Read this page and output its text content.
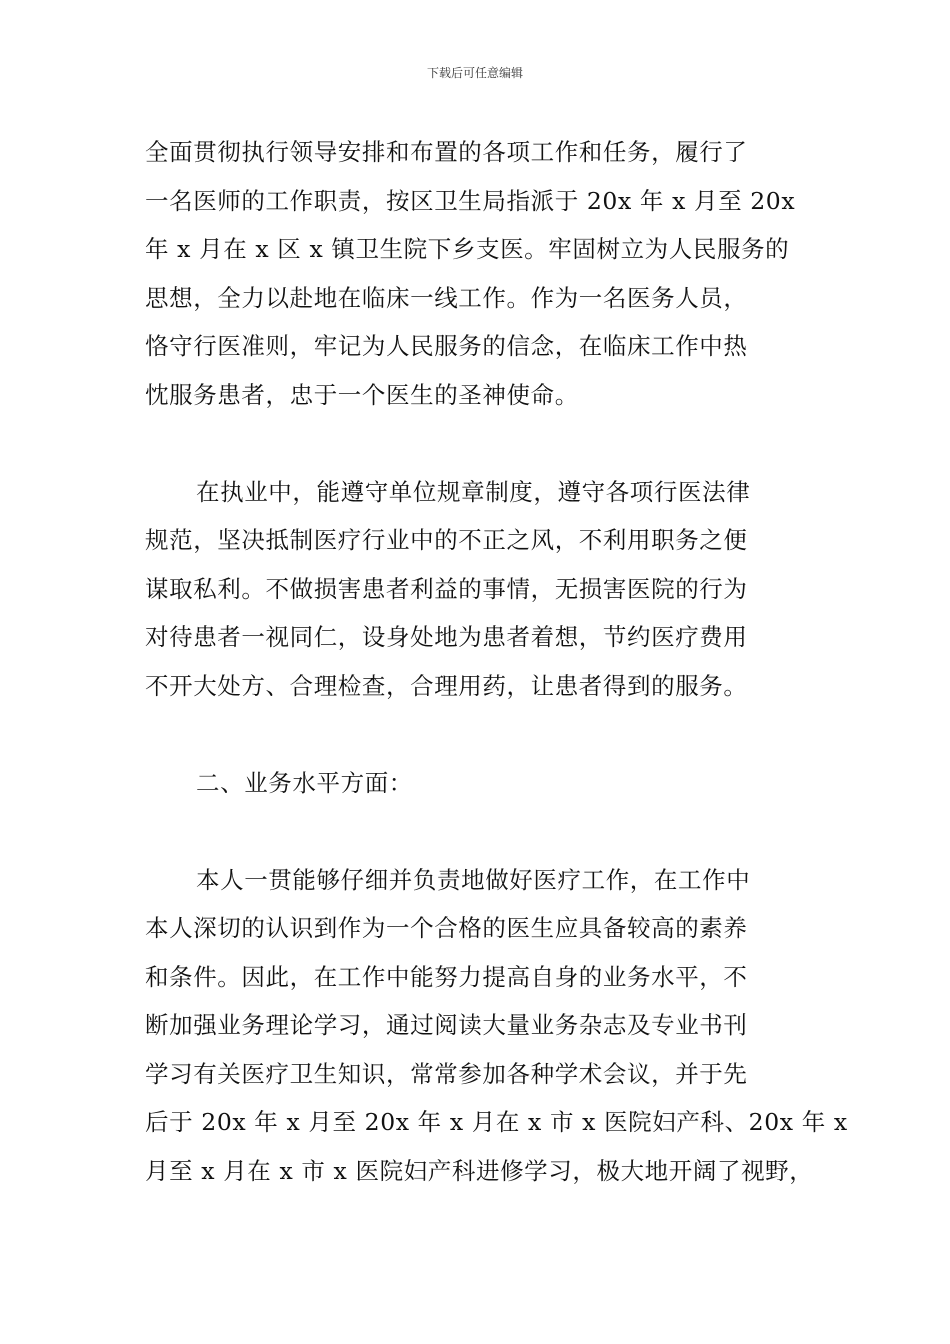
下载后可任意编辑

全面贯彻执行领导安排和布置的各项工作和任务，履行了

一名医师的工作职责，按区卫生局指派于 20x 年 x 月至 20x

年 x 月在 x 区 x 镇卫生院下乡支医。牢固树立为人民服务的

思想，全力以赴地在临床一线工作。作为一名医务人员，

恪守行医准则，牢记为人民服务的信念，在临床工作中热

忱服务患者，忠于一个医生的圣神使命。

在执业中，能遵守单位规章制度，遵守各项行医法律

规范，坚决抵制医疗行业中的不正之风，不利用职务之便

谋取私利。不做损害患者利益的事情，无损害医院的行为

对待患者一视同仁，设身处地为患者着想，节约医疗费用

不开大处方、合理检查，合理用药，让患者得到的服务。

二、业务水平方面：

本人一贯能够仔细并负责地做好医疗工作，在工作中

本人深切的认识到作为一个合格的医生应具备较高的素养

和条件。因此，在工作中能努力提高自身的业务水平，不

断加强业务理论学习，通过阅读大量业务杂志及专业书刊

学习有关医疗卫生知识，常常参加各种学术会议，并于先

后于 20x 年 x 月至 20x 年 x 月在 x 市 x 医院妇产科、20x 年 x

月至 x 月在 x 市 x 医院妇产科进修学习，极大地开阔了视野，
